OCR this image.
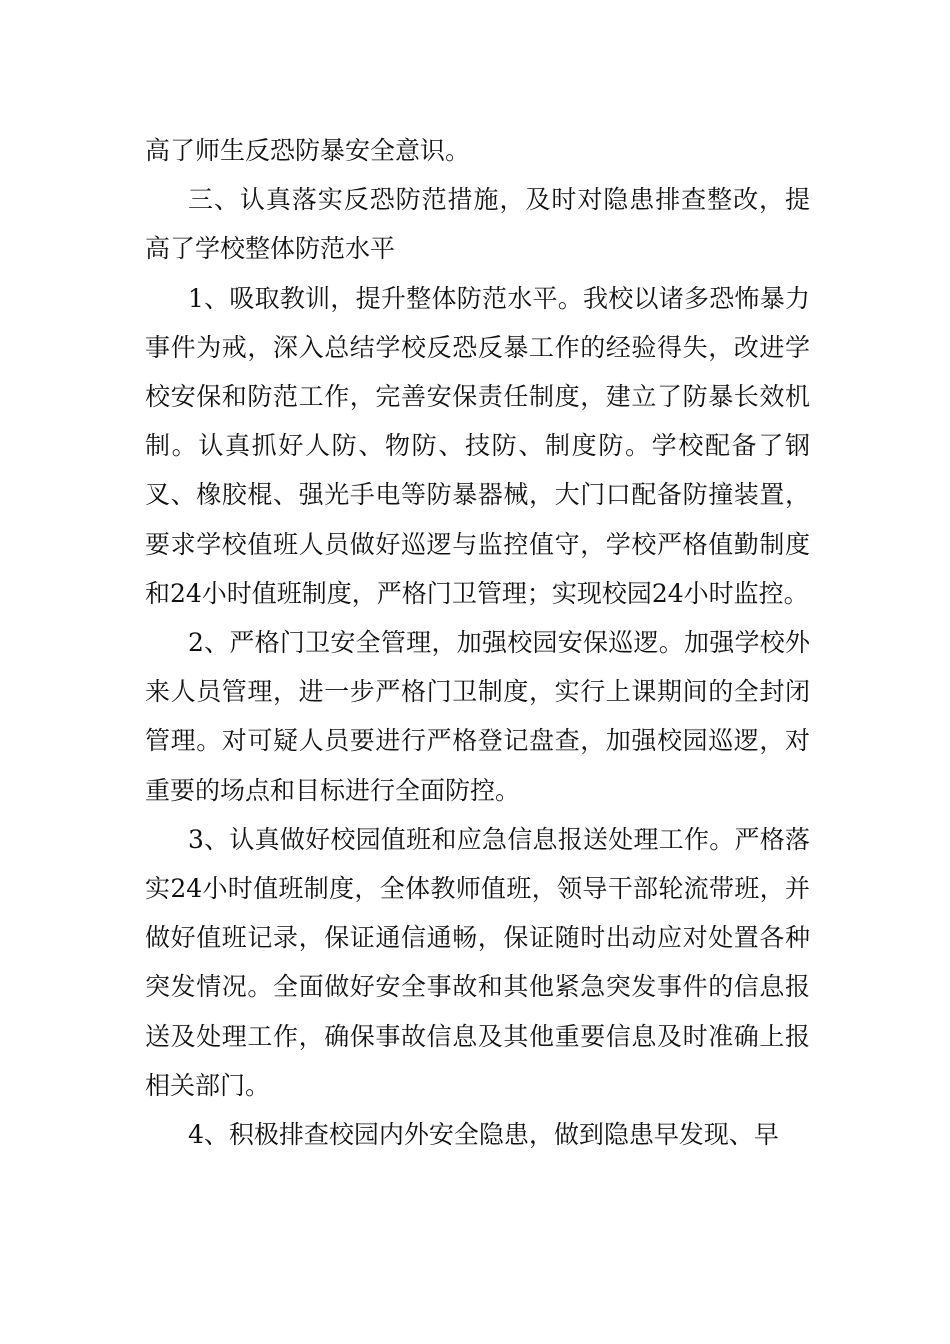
高了师生反恐防暴安全意识。

三、认真落实反恐防范措施，及时对隐患排查整改，提高了学校整体防范水平

1、吸取教训，提升整体防范水平。我校以诸多恐怖暴力事件为戒，深入总结学校反恐反暴工作的经验得失，改进学校安保和防范工作，完善安保责任制度，建立了防暴长效机制。认真抓好人防、物防、技防、制度防。学校配备了钢叉、橡胶棍、强光手电等防暴器械，大门口配备防撞装置，要求学校值班人员做好巡逻与监控值守，学校严格值勤制度和24小时值班制度，严格门卫管理；实现校园24小时监控。

2、严格门卫安全管理，加强校园安保巡逻。加强学校外来人员管理，进一步严格门卫制度，实行上课期间的全封闭管理。对可疑人员要进行严格登记盘查，加强校园巡逻，对重要的场点和目标进行全面防控。

3、认真做好校园值班和应急信息报送处理工作。严格落实24小时值班制度，全体教师值班，领导干部轮流带班，并做好值班记录，保证通信通畅，保证随时出动应对处置各种突发情况。全面做好安全事故和其他紧急突发事件的信息报送及处理工作，确保事故信息及其他重要信息及时准确上报相关部门。

4、积极排查校园内外安全隐患，做到隐患早发现、早
